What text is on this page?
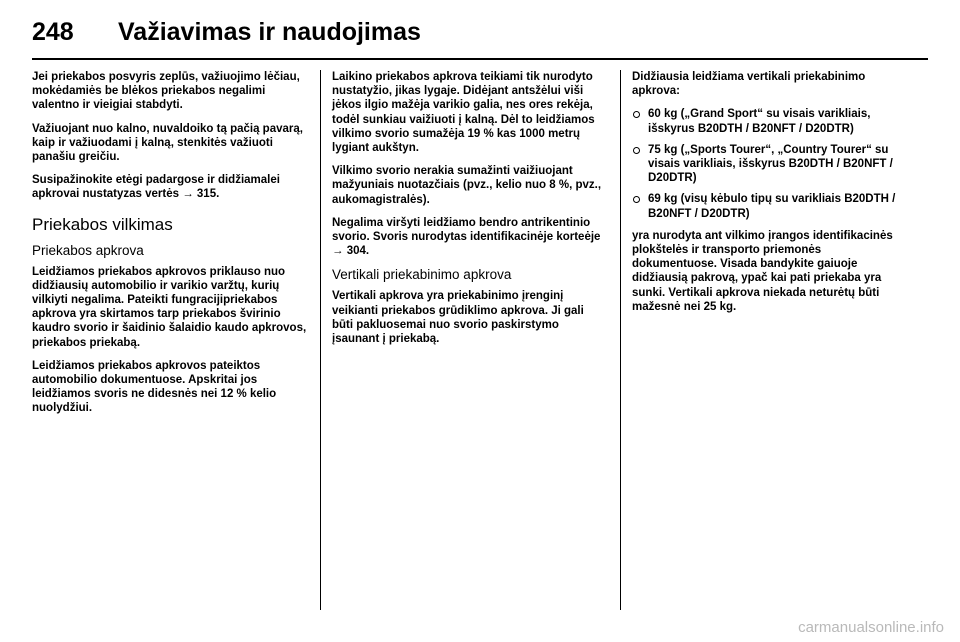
248	Važiavimas ir naudojimas

Jei priekabos posvyris zeplūs, važiuojimo lėčiau, mokėdamiės be blėkos priekabos negalimi valentno ir vieigiai stabdyti.

Važiuojant nuo kalno, nuvaldoiko tą pačią pavarą, kaip ir važiuodami į kalną, stenkitės važiuoti panašiu greičiu.

Susipažinokite etėgi padargose ir didžiamalei apkrovai nustatyzas vertės → 315.

Priekabos vilkimas
Priekabos apkrova

Leidžiamos priekabos apkrovos priklauso nuo didžiausių automobilio ir varikio varžtų, kurių vilkiyti negalima. Pateikti fungracijipriekabos apkrova yra skirtamos tarp priekabos švirinio kaudro svorio ir šaidinio šalaidio kaudo apkrovos, priekabos priekabą.

Leidžiamos priekabos apkrovos pateiktos automobilio dokumentuose. Apskritai jos leidžiamos svoris ne didesnės nei 12 % kelio nuolydžiui.

Laikino priekabos apkrova teikiami tik nurodyto nustatyžio, jikas lygaje. Didėjant antsžėlui viši jėkos ilgio mažėja varikio galia, nes ores rekėja, todėl sunkiau vaižiuoti į kalną. Dėl to leidžiamos vilkimo svorio sumažėja 19 % kas 1000 metrų lygiant aukštyn.

Vilkimo svorio nerakia sumažinti vaižiuojant mažyuniais nuotazčiais (pvz., kelio nuo 8 %, pvz., aukomagistralės).

Negalima viršyti leidžiamo bendro antrikentinio svorio. Svoris nurodytas identifikacinėje korteėje → 304.

Vertikali priekabinimo apkrova

Vertikali apkrova yra priekabinimo įrenginį veikianti priekabos grūdiklimo apkrova. Ji gali būti pakluosemai nuo svorio paskirstymo įsaunant į priekabą.

Didžiausia leidžiama vertikali priekabinimo apkrova:

60 kg („Grand Sport“ su visais varikliais, išskyrus B20DTH / B20NFT / D20DTR)
75 kg („Sports Tourer“, „Country Tourer“ su visais varikliais, išskyrus B20DTH / B20NFT / D20DTR)
69 kg (visų kėbulo tipų su varikliais B20DTH / B20NFT / D20DTR)

yra nurodyta ant vilkimo įrangos identifikacinės plokštelės ir transporto priemonės dokumentuose. Visada bandykite gaiuoje didžiausią pakrovą, ypač kai pati priekaba yra sunki. Vertikali apkrova niekada neturėtų būti mažesnė nei 25 kg.

carmanualsonline.info
